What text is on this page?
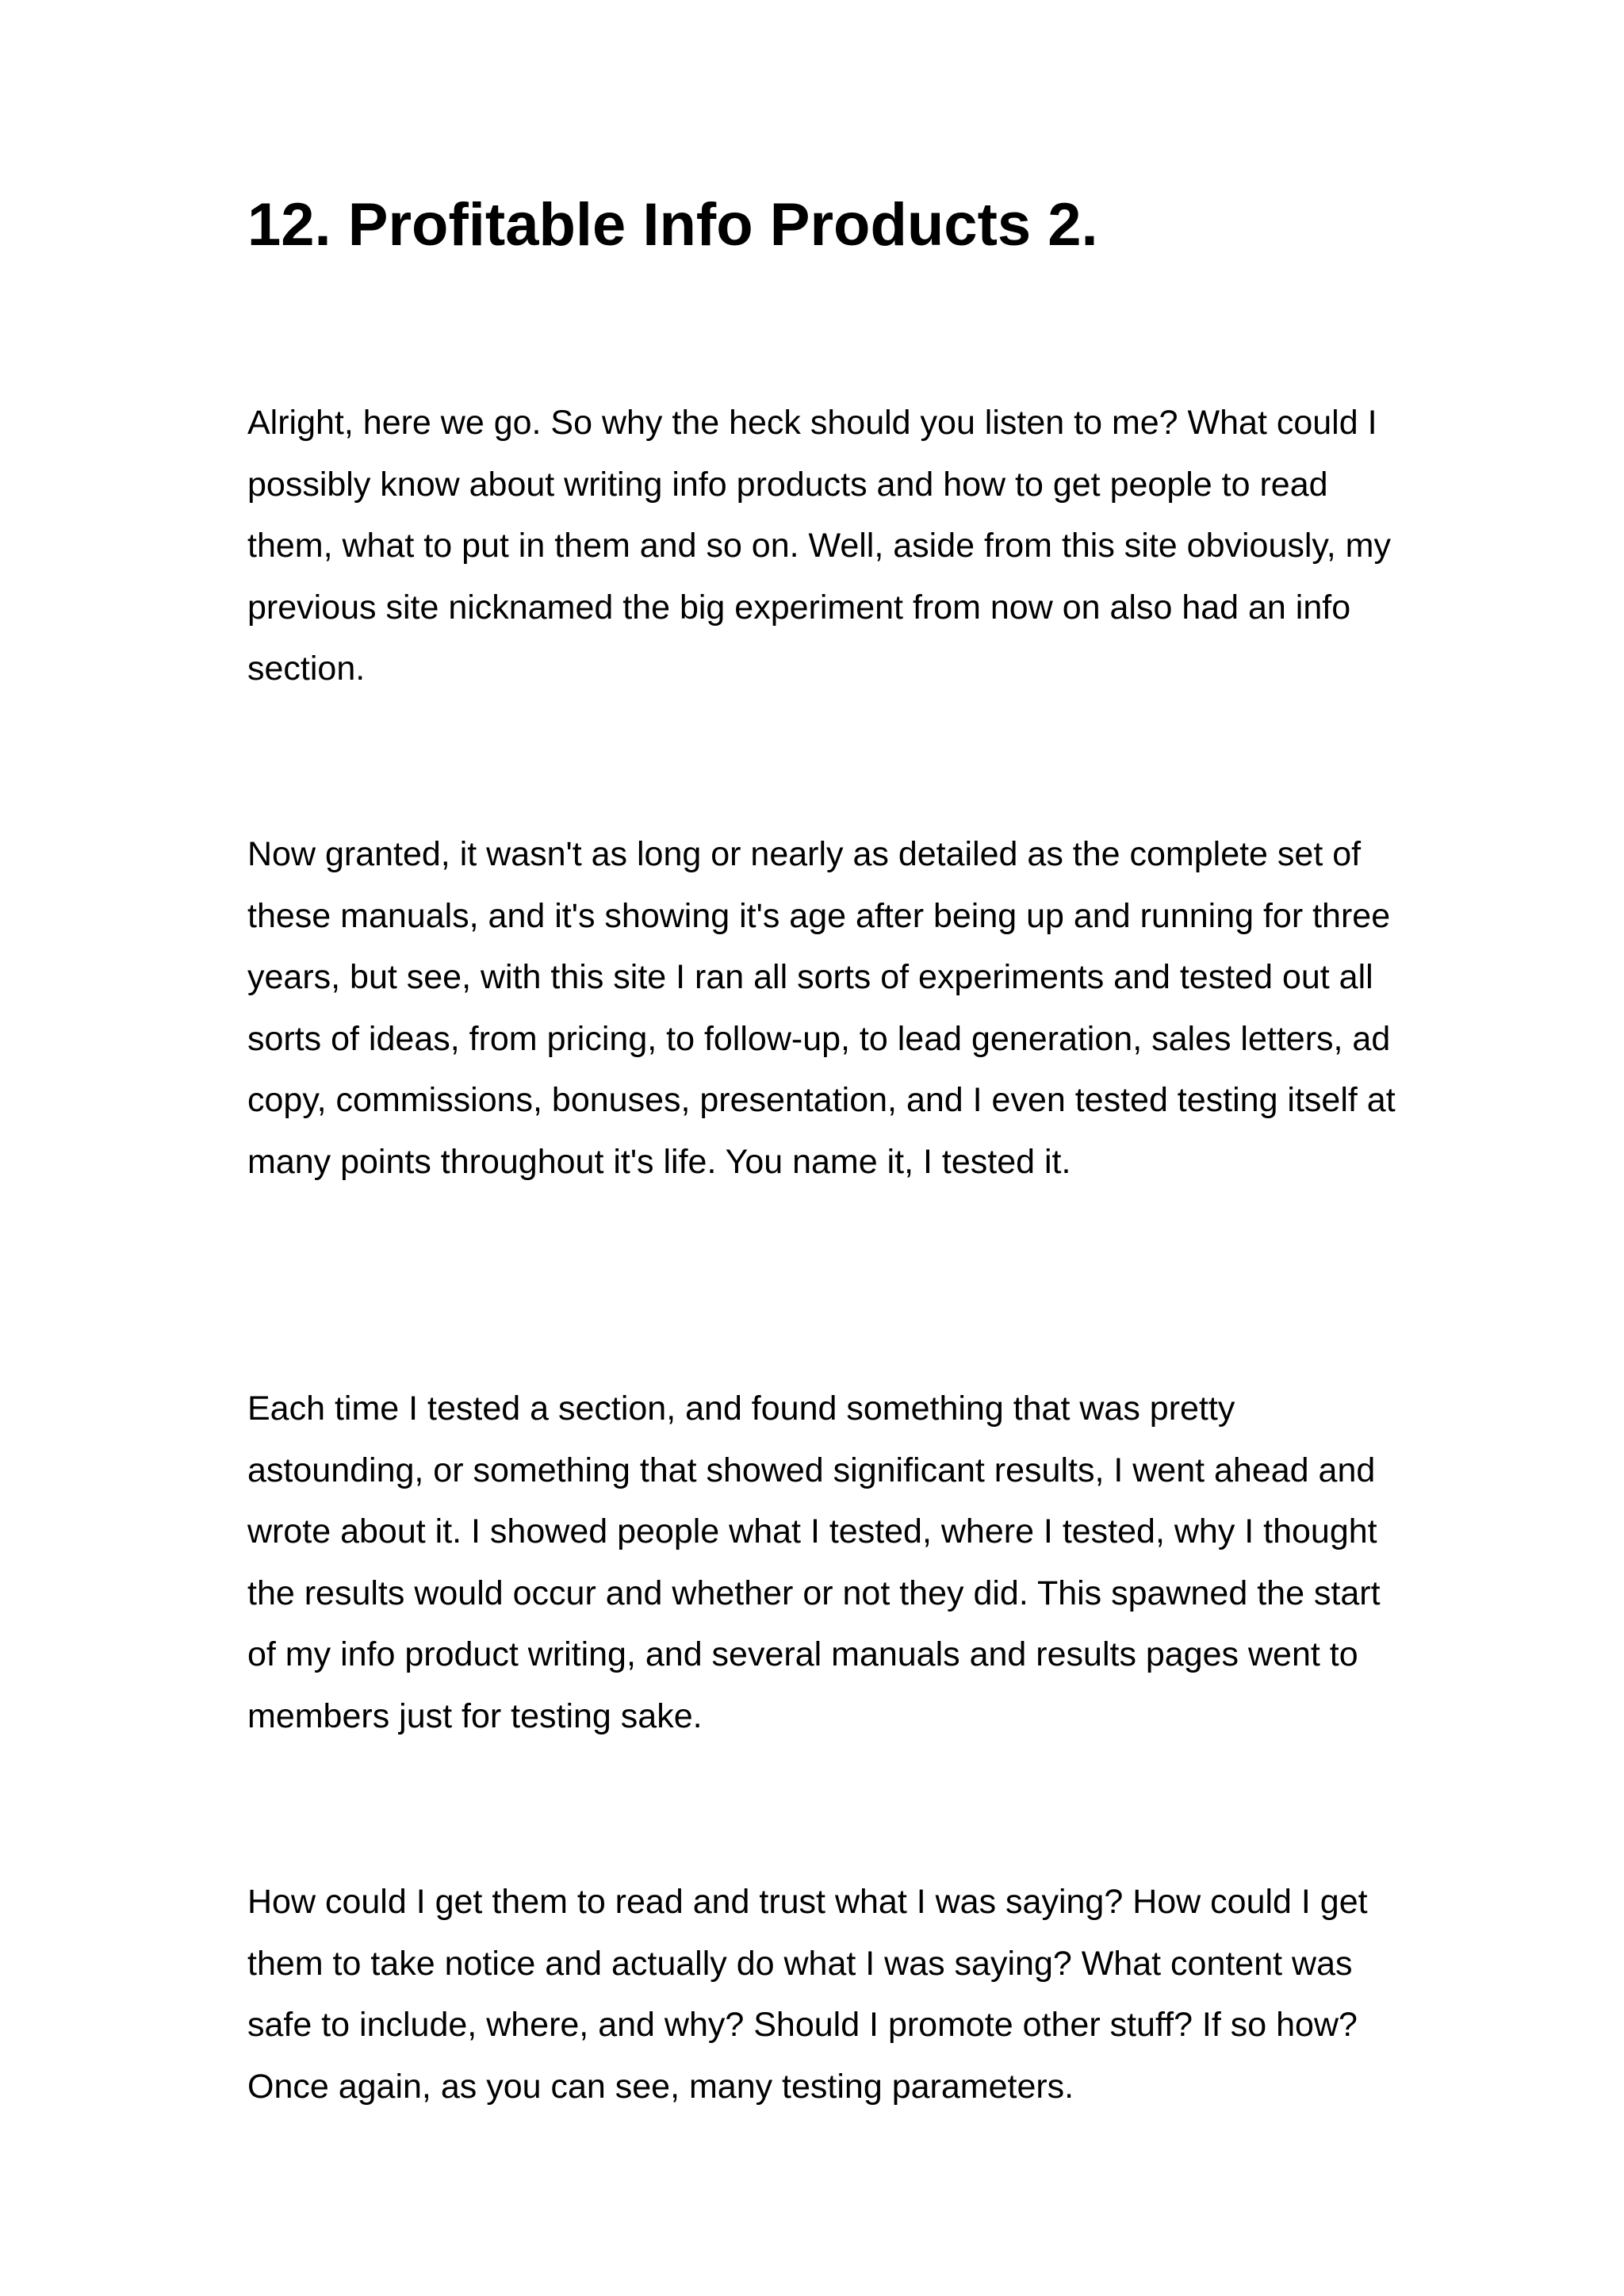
12. Profitable Info Products 2.

Alright, here we go. So why the heck should you listen to me? What could I possibly know about writing info products and how to get people to read them, what to put in them and so on. Well, aside from this site obviously, my previous site nicknamed the big experiment from now on also had an info section.

Now granted, it wasn't as long or nearly as detailed as the complete set of these manuals, and it's showing it's age after being up and running for three years, but see, with this site I ran all sorts of experiments and tested out all sorts of ideas, from pricing, to follow-up, to lead generation, sales letters, ad copy, commissions, bonuses, presentation, and I even tested testing itself at many points throughout it's life. You name it, I tested it.

Each time I tested a section, and found something that was pretty astounding, or something that showed significant results, I went ahead and wrote about it. I showed people what I tested, where I tested, why I thought the results would occur and whether or not they did. This spawned the start of my info product writing, and several manuals and results pages went to members just for testing sake.

How could I get them to read and trust what I was saying? How could I get them to take notice and actually do what I was saying? What content was safe to include, where, and why? Should I promote other stuff? If so how? Once again, as you can see, many testing parameters.
